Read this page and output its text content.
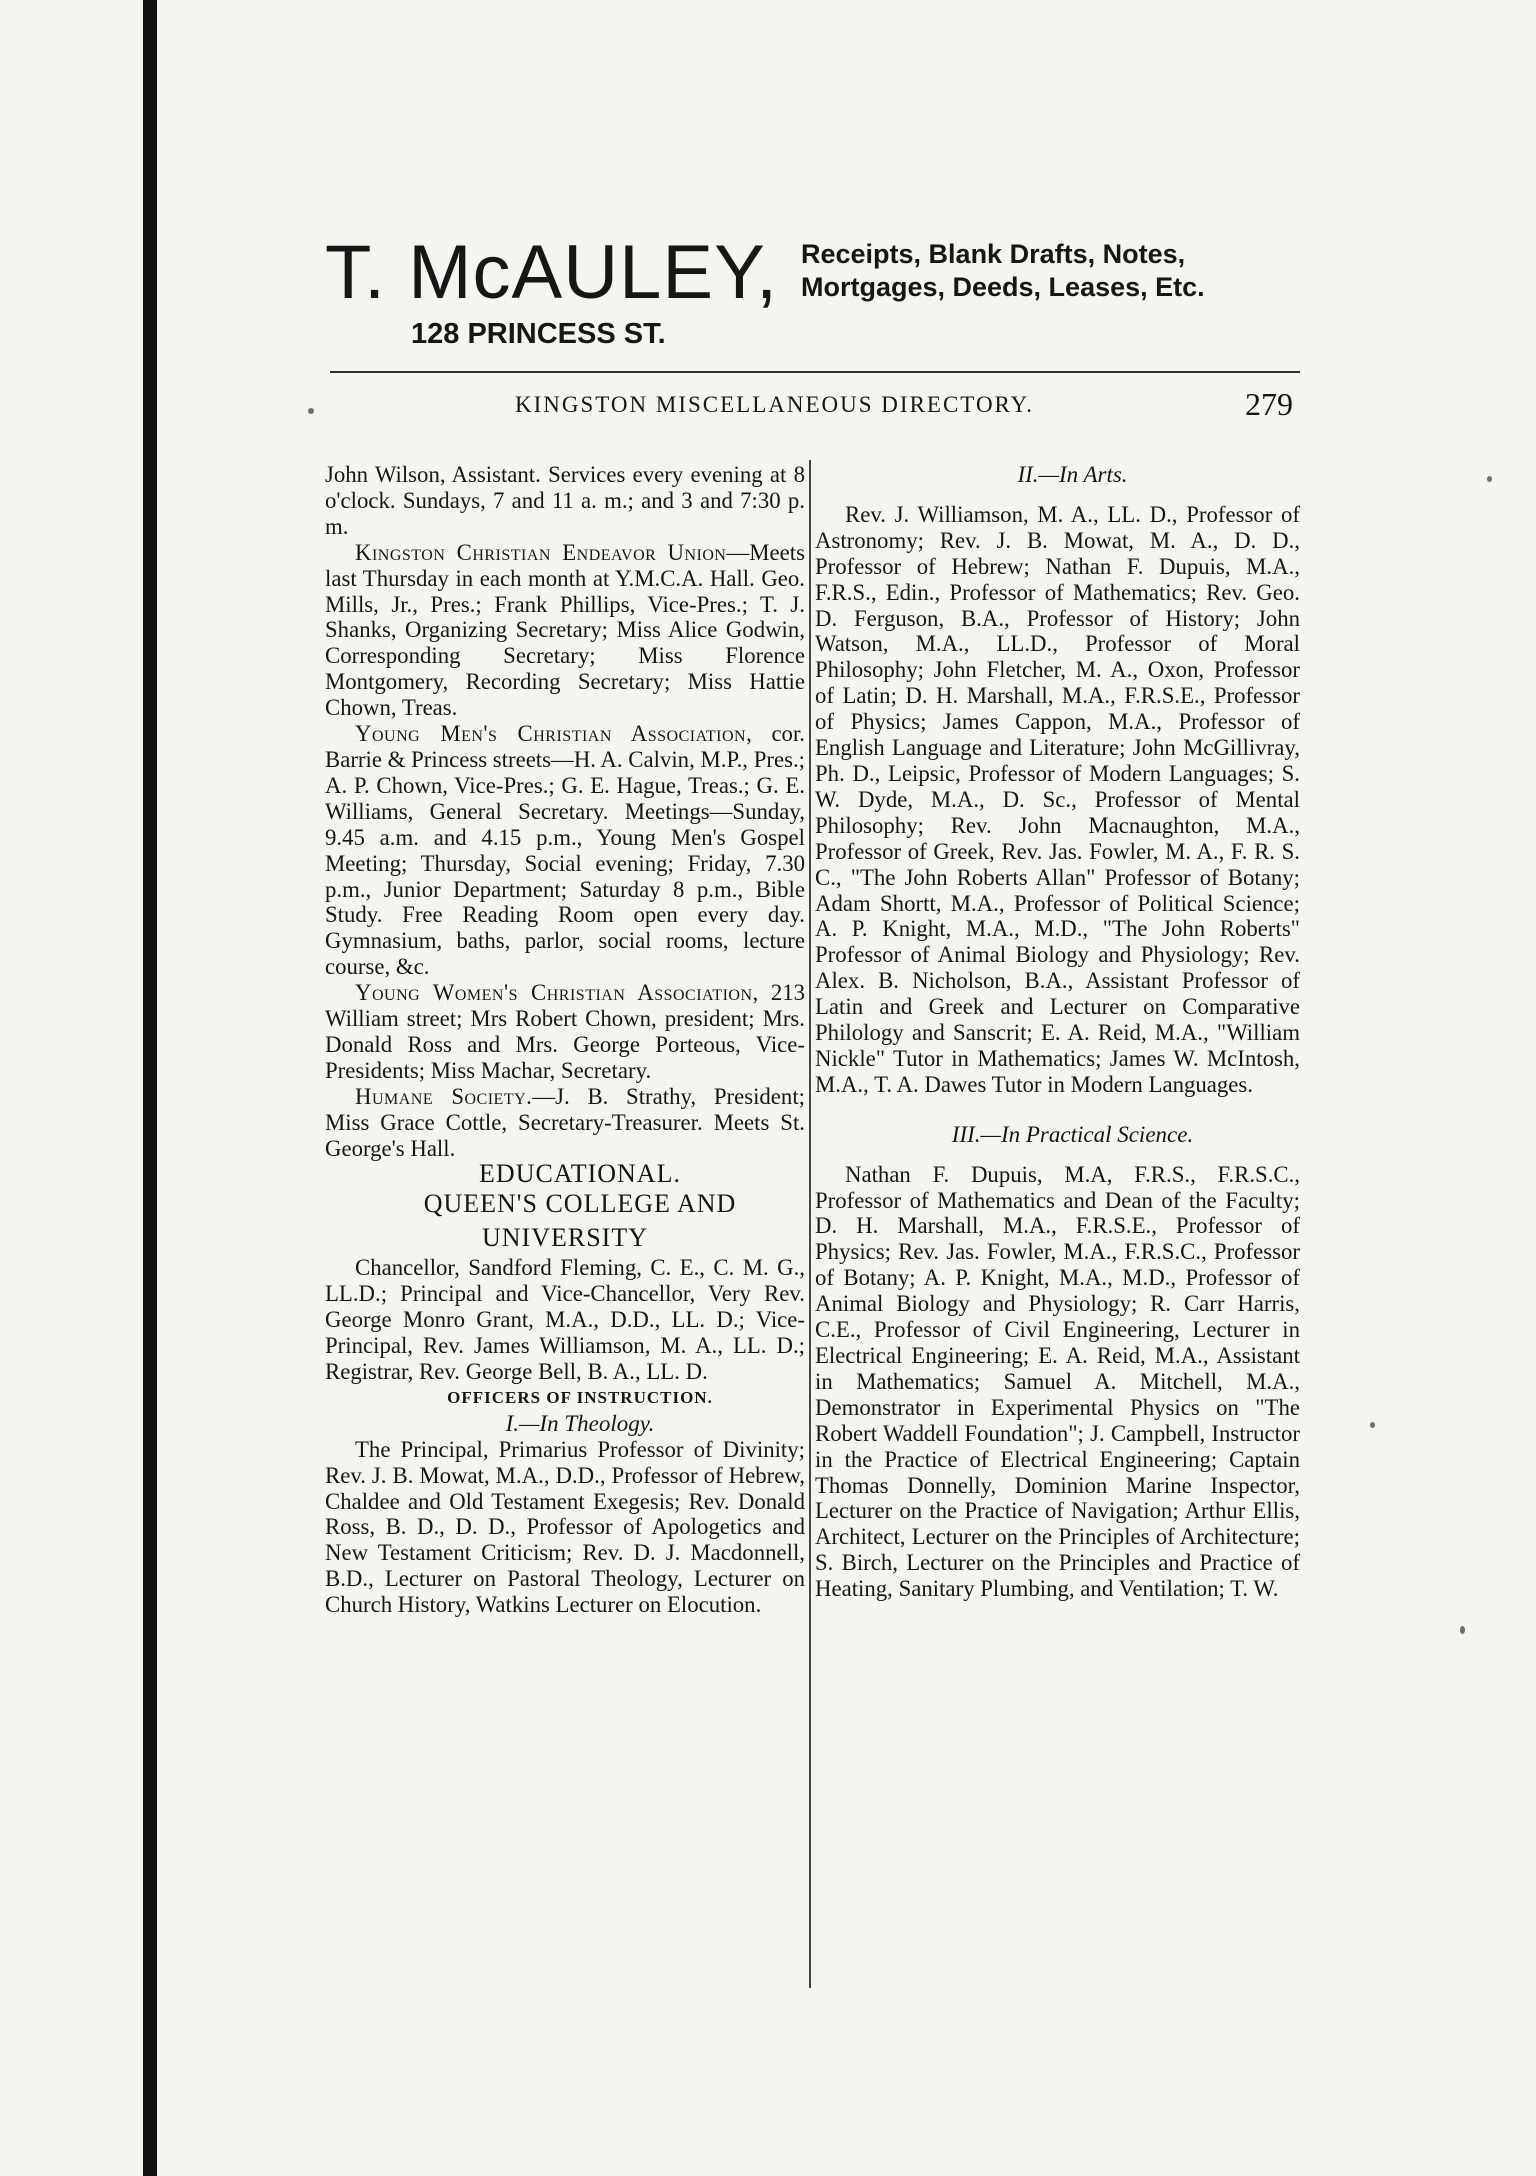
T. McAULEY,
128 PRINCESS ST.
Receipts, Blank Drafts, Notes,
Mortgages, Deeds, Leases, Etc.
KINGSTON MISCELLANEOUS DIRECTORY.	279

John Wilson, Assistant. Services every evening at 8 o'clock. Sundays, 7 and 11 a. m.; and 3 and 7:30 p. m.

Kingston Christian Endeavor Union—Meets last Thursday in each month at Y.M.C.A. Hall. Geo. Mills, Jr., Pres.; Frank Phillips, Vice-Pres.; T. J. Shanks, Organizing Secretary; Miss Alice Godwin, Corresponding Secretary; Miss Florence Montgomery, Recording Secretary; Miss Hattie Chown, Treas.

Young Men's Christian Association, cor. Barrie & Princess streets—H. A. Calvin, M.P., Pres.; A. P. Chown, Vice-Pres.; G. E. Hague, Treas.; G. E. Williams, General Secretary. Meetings—Sunday, 9.45 a.m. and 4.15 p.m., Young Men's Gospel Meeting; Thursday, Social evening; Friday, 7.30 p.m., Junior Department; Saturday 8 p.m., Bible Study. Free Reading Room open every day. Gymnasium, baths, parlor, social rooms, lecture course, &c.

Young Women's Christian Association, 213 William street; Mrs Robert Chown, president; Mrs. Donald Ross and Mrs. George Porteous, Vice-Presidents; Miss Machar, Secretary.

Humane Society.—J. B. Strathy, President; Miss Grace Cottle, Secretary-Treasurer. Meets St. George's Hall.

EDUCATIONAL.

QUEEN'S COLLEGE AND
UNIVERSITY

Chancellor, Sandford Fleming, C. E., C. M. G., LL.D.; Principal and Vice-Chancellor, Very Rev. George Monro Grant, M.A., D.D., LL. D.; Vice-Principal, Rev. James Williamson, M. A., LL. D.; Registrar, Rev. George Bell, B. A., LL. D.

OFFICERS OF INSTRUCTION.

I.—In Theology.

The Principal, Primarius Professor of Divinity; Rev. J. B. Mowat, M.A., D.D., Professor of Hebrew, Chaldee and Old Testament Exegesis; Rev. Donald Ross, B. D., D. D., Professor of Apologetics and New Testament Criticism; Rev. D. J. Macdonnell, B.D., Lecturer on Pastoral Theology, Lecturer on Church History, Watkins Lecturer on Elocution.

II.—In Arts.

Rev. J. Williamson, M. A., LL. D., Professor of Astronomy; Rev. J. B. Mowat, M. A., D. D., Professor of Hebrew; Nathan F. Dupuis, M.A., F.R.S., Edin., Professor of Mathematics; Rev. Geo. D. Ferguson, B.A., Professor of History; John Watson, M.A., LL.D., Professor of Moral Philosophy; John Fletcher, M. A., Oxon, Professor of Latin; D. H. Marshall, M.A., F.R.S.E., Professor of Physics; James Cappon, M.A., Professor of English Language and Literature; John McGillivray, Ph. D., Leipsic, Professor of Modern Languages; S. W. Dyde, M.A., D. Sc., Professor of Mental Philosophy; Rev. John Macnaughton, M.A., Professor of Greek, Rev. Jas. Fowler, M. A., F. R. S. C., "The John Roberts Allan" Professor of Botany; Adam Shortt, M.A., Professor of Political Science; A. P. Knight, M.A., M.D., "The John Roberts" Professor of Animal Biology and Physiology; Rev. Alex. B. Nicholson, B.A., Assistant Professor of Latin and Greek and Lecturer on Comparative Philology and Sanscrit; E. A. Reid, M.A., "William Nickle" Tutor in Mathematics; James W. McIntosh, M.A., T. A. Dawes Tutor in Modern Languages.

III.—In Practical Science.

Nathan F. Dupuis, M.A, F.R.S., F.R.S.C., Professor of Mathematics and Dean of the Faculty; D. H. Marshall, M.A., F.R.S.E., Professor of Physics; Rev. Jas. Fowler, M.A., F.R.S.C., Professor of Botany; A. P. Knight, M.A., M.D., Professor of Animal Biology and Physiology; R. Carr Harris, C.E., Professor of Civil Engineering, Lecturer in Electrical Engineering; E. A. Reid, M.A., Assistant in Mathematics; Samuel A. Mitchell, M.A., Demonstrator in Experimental Physics on "The Robert Waddell Foundation"; J. Campbell, Instructor in the Practice of Electrical Engineering; Captain Thomas Donnelly, Dominion Marine Inspector, Lecturer on the Practice of Navigation; Arthur Ellis, Architect, Lecturer on the Principles of Architecture; S. Birch, Lecturer on the Principles and Practice of Heating, Sanitary Plumbing, and Ventilation; T. W.
